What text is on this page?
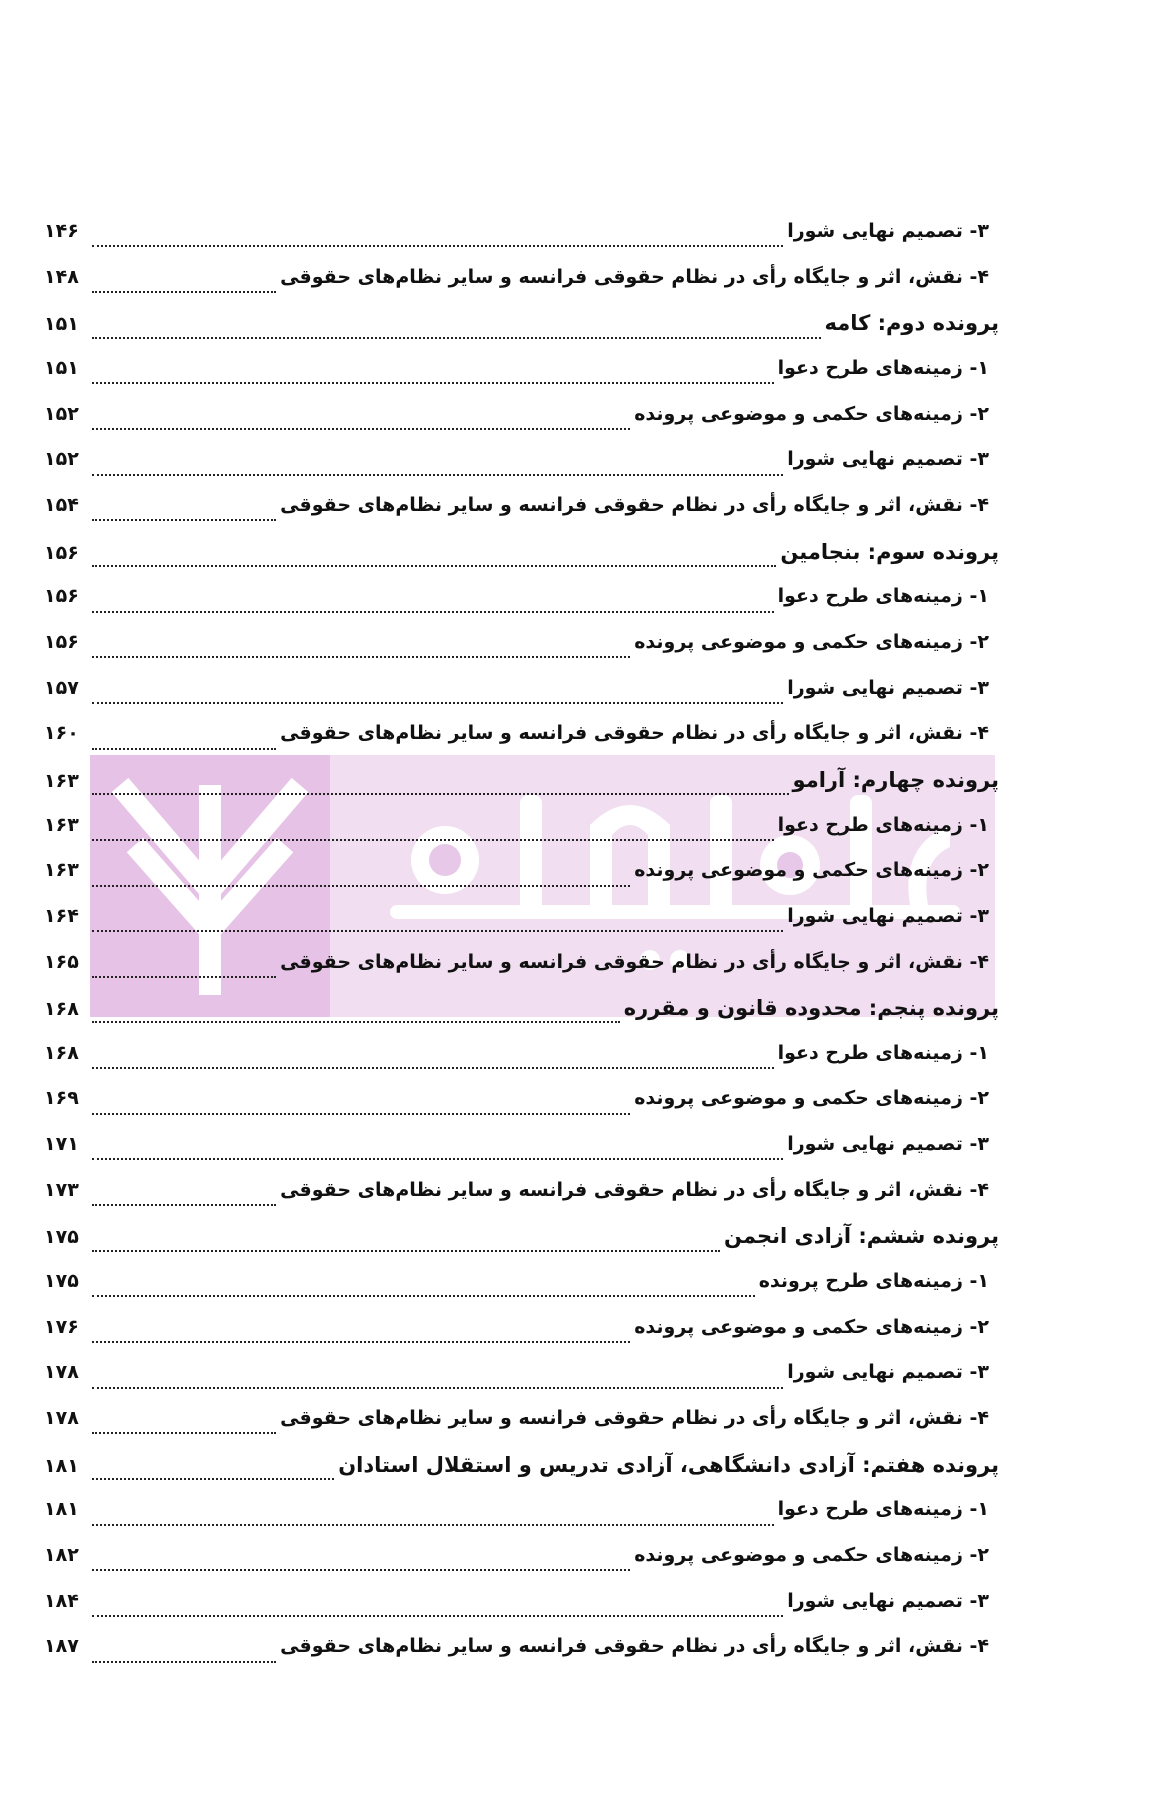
۳- تصمیم نهایی شورا
۱۴۶
۴- نقش، اثر و جایگاه رأی در نظام حقوقی فرانسه و سایر نظام‌های حقوقی
۱۴۸
پرونده دوم: کامه
۱۵۱
۱- زمینه‌های طرح دعوا
۱۵۱
۲- زمینه‌های حکمی و موضوعی پرونده
۱۵۲
۳- تصمیم نهایی شورا
۱۵۲
۴- نقش، اثر و جایگاه رأی در نظام حقوقی فرانسه و سایر نظام‌های حقوقی
۱۵۴
پرونده سوم: بنجامین
۱۵۶
۱- زمینه‌های طرح دعوا
۱۵۶
۲- زمینه‌های حکمی و موضوعی پرونده
۱۵۶
۳- تصمیم نهایی شورا
۱۵۷
۴- نقش، اثر و جایگاه رأی در نظام حقوقی فرانسه و سایر نظام‌های حقوقی
۱۶۰
پرونده چهارم: آرامو
۱۶۳
۱- زمینه‌های طرح دعوا
۱۶۳
۲- زمینه‌های حکمی و موضوعی پرونده
۱۶۳
۳- تصمیم نهایی شورا
۱۶۴
۴- نقش، اثر و جایگاه رأی در نظام حقوقی فرانسه و سایر نظام‌های حقوقی
۱۶۵
پرونده پنجم: محدوده قانون و مقرره
۱۶۸
۱- زمینه‌های طرح دعوا
۱۶۸
۲- زمینه‌های حکمی و موضوعی پرونده
۱۶۹
۳- تصمیم نهایی شورا
۱۷۱
۴- نقش، اثر و جایگاه رأی در نظام حقوقی فرانسه و سایر نظام‌های حقوقی
۱۷۳
پرونده ششم: آزادی انجمن
۱۷۵
۱- زمینه‌های طرح پرونده
۱۷۵
۲- زمینه‌های حکمی و موضوعی پرونده
۱۷۶
۳- تصمیم نهایی شورا
۱۷۸
۴- نقش، اثر و جایگاه رأی در نظام حقوقی فرانسه و سایر نظام‌های حقوقی
۱۷۸
پرونده هفتم: آزادی دانشگاهی، آزادی تدریس و استقلال استادان
۱۸۱
۱- زمینه‌های طرح دعوا
۱۸۱
۲- زمینه‌های حکمی و موضوعی پرونده
۱۸۲
۳- تصمیم نهایی شورا
۱۸۴
۴- نقش، اثر و جایگاه رأی در نظام حقوقی فرانسه و سایر نظام‌های حقوقی
۱۸۷
